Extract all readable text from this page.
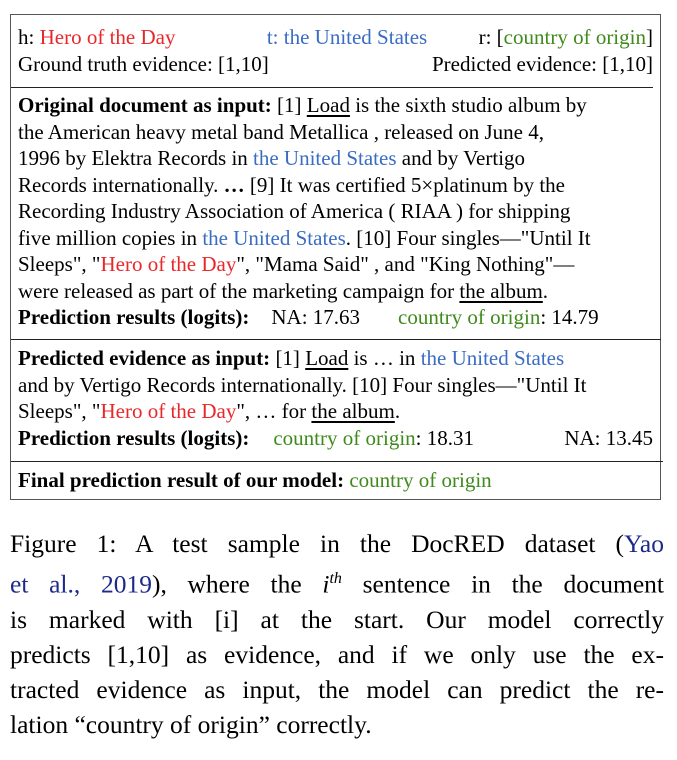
h: Hero of the Day	t: the United States r: [country of origin]
Ground truth evidence: [1,10]	Predicted evidence: [1,10]
Original document as input: [1] Load is the sixth studio album by
the American heavy metal band Metallica , released on June 4,
1996 by Elektra Records in the United States and by Vertigo
Records internationally. … [9] It was certified 5×platinum by the
Recording Industry Association of America ( RIAA ) for shipping
five million copies in the United States. [10] Four singles—"Until It
Sleeps", "Hero of the Day", "Mama Said" , and "King Nothing"—
were released as part of the marketing campaign for the album.
Prediction results (logits): NA: 17.63 country of origin: 14.79
Predicted evidence as input: [1] Load is … in the United States
and by Vertigo Records internationally. [10] Four singles—"Until It
Sleeps", "Hero of the Day", … for the album.
Prediction results (logits): country of origin: 18.31	NA: 13.45
Final prediction result of our model: country of origin
Figure 1: A test sample in the DocRED dataset (Yao
et al., 2019), where the $i^{th}$ sentence in the document
is marked with [i] at the start. Our model correctly
predicts [1,10] as evidence, and if we only use the ex-
tracted evidence as input, the model can predict the re-
lation “country of origin” correctly.
